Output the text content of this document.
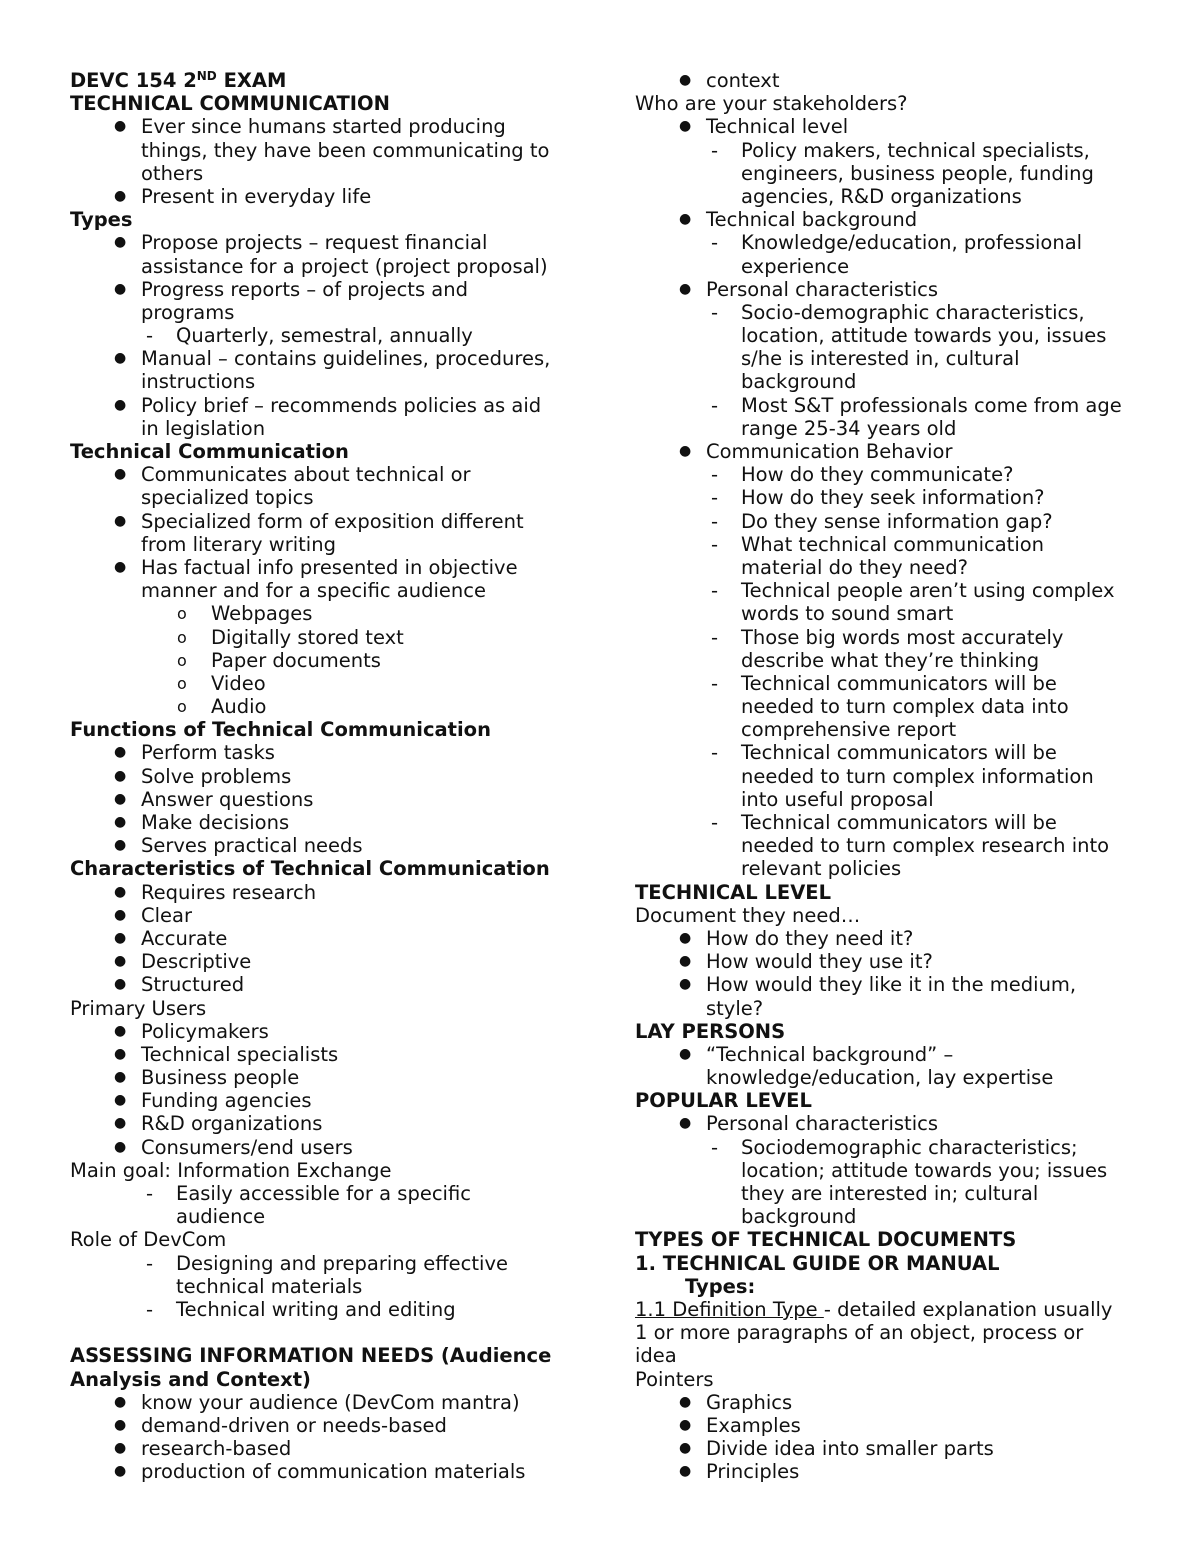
DEVC 154 2ND EXAM
TECHNICAL COMMUNICATION
● Ever since humans started producing
things, they have been communicating to
others
● Present in everyday life
Types
● Propose projects – request financial
assistance for a project (project proposal)
● Progress reports – of projects and
programs
- Quarterly, semestral, annually
● Manual – contains guidelines, procedures,
instructions
● Policy brief – recommends policies as aid
in legislation
Technical Communication
● Communicates about technical or
specialized topics
● Specialized form of exposition different
from literary writing
● Has factual info presented in objective
manner and for a specific audience
o Webpages
o Digitally stored text
o Paper documents
o Video
o Audio
Functions of Technical Communication
● Perform tasks
● Solve problems
● Answer questions
● Make decisions
● Serves practical needs
Characteristics of Technical Communication
● Requires research
● Clear
● Accurate
● Descriptive
● Structured
Primary Users
● Policymakers
● Technical specialists
● Business people
● Funding agencies
● R&D organizations
● Consumers/end users
Main goal: Information Exchange
- Easily accessible for a specific
audience
Role of DevCom
- Designing and preparing effective
technical materials
- Technical writing and editing
ASSESSING INFORMATION NEEDS (Audience
Analysis and Context)
● know your audience (DevCom mantra)
● demand-driven or needs-based
● research-based
● production of communication materials
● context
Who are your stakeholders?
● Technical level
- Policy makers, technical specialists,
engineers, business people, funding
agencies, R&D organizations
● Technical background
- Knowledge/education, professional
experience
● Personal characteristics
- Socio-demographic characteristics,
location, attitude towards you, issues
s/he is interested in, cultural
background
- Most S&T professionals come from age
range 25-34 years old
● Communication Behavior
- How do they communicate?
- How do they seek information?
- Do they sense information gap?
- What technical communication
material do they need?
- Technical people aren’t using complex
words to sound smart
- Those big words most accurately
describe what they’re thinking
- Technical communicators will be
needed to turn complex data into
comprehensive report
- Technical communicators will be
needed to turn complex information
into useful proposal
- Technical communicators will be
needed to turn complex research into
relevant policies
TECHNICAL LEVEL
Document they need…
● How do they need it?
● How would they use it?
● How would they like it in the medium,
style?
LAY PERSONS
● “Technical background” –
knowledge/education, lay expertise
POPULAR LEVEL
● Personal characteristics
- Sociodemographic characteristics;
location; attitude towards you; issues
they are interested in; cultural
background
TYPES OF TECHNICAL DOCUMENTS
1. TECHNICAL GUIDE OR MANUAL
Types:
1.1 Definition Type - detailed explanation usually
1 or more paragraphs of an object, process or
idea
Pointers
● Graphics
● Examples
● Divide idea into smaller parts
● Principles
